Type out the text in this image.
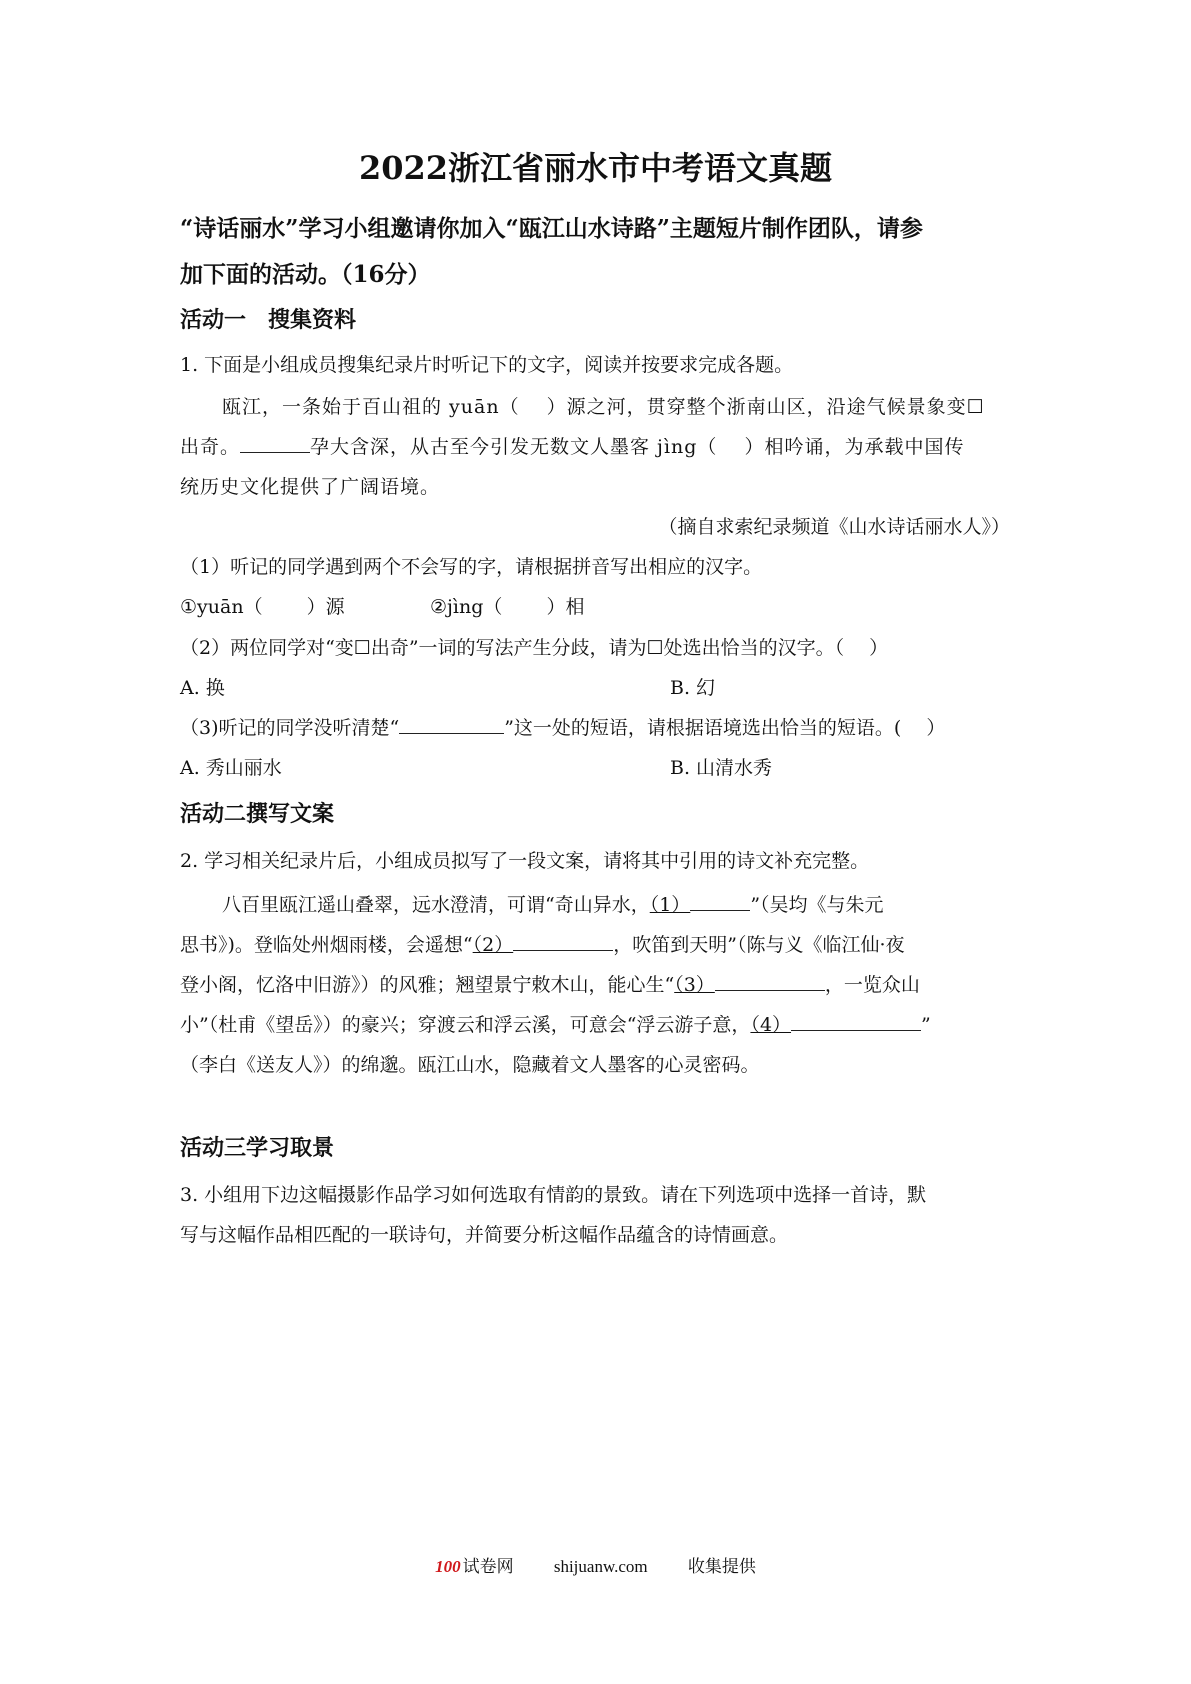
2022浙江省丽水市中考语文真题
“诗话丽水”学习小组邀请你加入“瓯江山水诗路”主题短片制作团队，请参
加下面的活动。（16分）
活动一　搜集资料
1. 下面是小组成员搜集纪录片时听记下的文字，阅读并按要求完成各题。
瓯江，一条始于百山祖的 yuān（　 ）源之河，贯穿整个浙南山区，沿途气候景象变☐
出奇。	孕大含深，从古至今引发无数文人墨客 jìng（　 ）相吟诵，为承载中国传
统历史文化提供了广阔语境。
（摘自求索纪录频道《山水诗话丽水人》）
（1）听记的同学遇到两个不会写的字，请根据拼音写出相应的汉字。
①yuān（　　 ）源	②jìng（　　 ）相
（2）两位同学对“变☐出奇”一词的写法产生分歧，请为☐处选出恰当的汉字。（　 ）
A. 换	B. 幻
（3)听记的同学没听清楚“	”这一处的短语，请根据语境选出恰当的短语。(　 ）
A. 秀山丽水	B. 山清水秀
活动二撰写文案
2. 学习相关纪录片后，小组成员拟写了一段文案，请将其中引用的诗文补充完整。
八百里瓯江遥山叠翠，远水澄清，可谓“奇山异水，（1）	”（吴均《与朱元
思书》)。登临处州烟雨楼，会遥想“（2）	，吹笛到天明”（陈与义《临江仙·夜
登小阁，忆洛中旧游》）的风雅；翘望景宁敕木山，能心生“（3）	，一览众山
小”（杜甫《望岳》）的豪兴；穿渡云和浮云溪，可意会“浮云游子意，（4）	”
（李白《送友人》）的绵邈。瓯江山水，隐藏着文人墨客的心灵密码。
活动三学习取景
3. 小组用下边这幅摄影作品学习如何选取有情韵的景致。请在下列选项中选择一首诗，默
写与这幅作品相匹配的一联诗句，并简要分析这幅作品蕴含的诗情画意。
100 试卷网 shijuanw.com 收集提供
